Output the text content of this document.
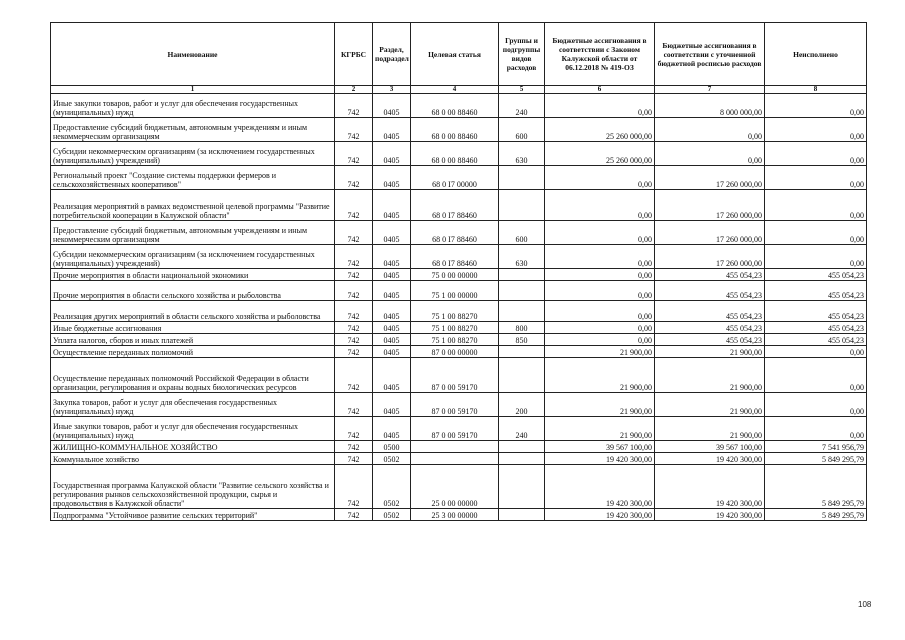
Наименование	КГРБС	Раздел, подраздел	Целевая статья	Группы и подгруппы видов расходов	Бюджетные ассигнования в соответствии с Законом Калужской области от 06.12.2018 № 419-ОЗ	Бюджетные ассигнования в соответствии с уточненной бюджетной росписью расходов	Неисполнено
1	2	3	4	5	6	7	8
Иные закупки товаров, работ и услуг для обеспечения государственных (муниципальных) нужд	742	0405	68 0 00 88460	240	0,00	8 000 000,00	0,00
Предоставление субсидий бюджетным, автономным учреждениям и иным некоммерческим организациям	742	0405	68 0 00 88460	600	25 260 000,00	0,00	0,00
Субсидии некоммерческим организациям (за исключением государственных (муниципальных) учреждений)	742	0405	68 0 00 88460	630	25 260 000,00	0,00	0,00
Региональный проект "Создание системы поддержки фермеров и сельскохозяйственных кооперативов"	742	0405	68 0 I7 00000		0,00	17 260 000,00	0,00
Реализация мероприятий в рамках ведомственной целевой программы "Развитие потребительской кооперации в Калужской области"	742	0405	68 0 I7 88460		0,00	17 260 000,00	0,00
Предоставление субсидий бюджетным, автономным учреждениям и иным некоммерческим организациям	742	0405	68 0 I7 88460	600	0,00	17 260 000,00	0,00
Субсидии некоммерческим организациям (за исключением государственных (муниципальных) учреждений)	742	0405	68 0 I7 88460	630	0,00	17 260 000,00	0,00
Прочие мероприятия в области национальной экономики	742	0405	75 0 00 00000		0,00	455 054,23	455 054,23
Прочие мероприятия в области сельского хозяйства и рыболовства	742	0405	75 1 00 00000		0,00	455 054,23	455 054,23
Реализация других мероприятий в области сельского хозяйства и рыболовства	742	0405	75 1 00 88270		0,00	455 054,23	455 054,23
Иные бюджетные ассигнования	742	0405	75 1 00 88270	800	0,00	455 054,23	455 054,23
Уплата налогов, сборов и иных платежей	742	0405	75 1 00 88270	850	0,00	455 054,23	455 054,23
Осуществление переданных полномочий	742	0405	87 0 00 00000		21 900,00	21 900,00	0,00
Осуществление переданных полномочий Российской Федерации в области организации, регулирования и охраны водных биологических ресурсов	742	0405	87 0 00 59170		21 900,00	21 900,00	0,00
Закупка товаров, работ и услуг для обеспечения государственных (муниципальных) нужд	742	0405	87 0 00 59170	200	21 900,00	21 900,00	0,00
Иные закупки товаров, работ и услуг для обеспечения государственных (муниципальных) нужд	742	0405	87 0 00 59170	240	21 900,00	21 900,00	0,00
ЖИЛИЩНО-КОММУНАЛЬНОЕ ХОЗЯЙСТВО	742	0500			39 567 100,00	39 567 100,00	7 541 956,79
Коммунальное хозяйство	742	0502			19 420 300,00	19 420 300,00	5 849 295,79
Государственная программа Калужской области "Развитие сельского хозяйства и регулирования рынков сельскохозяйственной продукции, сырья и продовольствия в Калужской области"	742	0502	25 0 00 00000		19 420 300,00	19 420 300,00	5 849 295,79
Подпрограмма "Устойчивое развитие сельских территорий"	742	0502	25 3 00 00000		19 420 300,00	19 420 300,00	5 849 295,79
108
